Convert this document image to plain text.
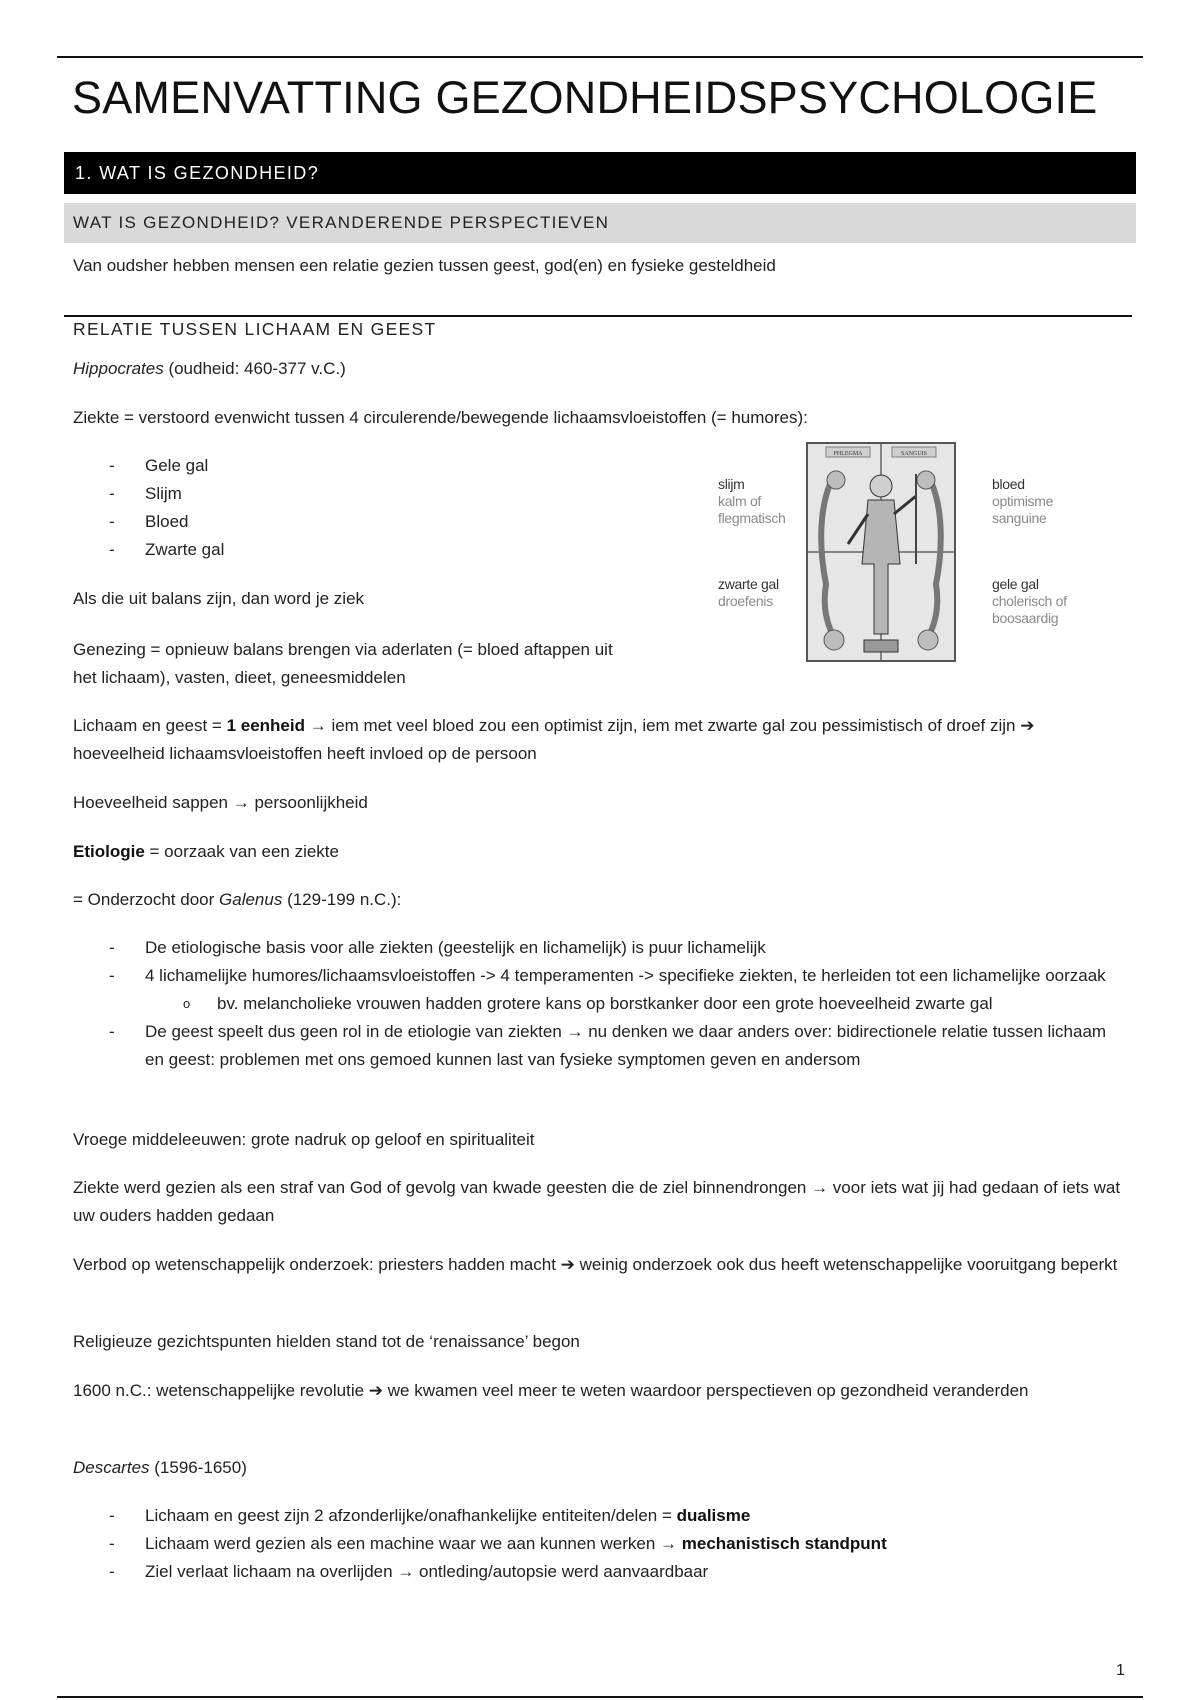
SAMENVATTING GEZONDHEIDSPSYCHOLOGIE
1. WAT IS GEZONDHEID?
WAT IS GEZONDHEID? VERANDERENDE PERSPECTIEVEN

Van oudsher hebben mensen een relatie gezien tussen geest, god(en) en fysieke gesteldheid

RELATIE TUSSEN LICHAAM EN GEEST

Hippocrates (oudheid: 460-377 v.C.)

Ziekte = verstoord evenwicht tussen 4 circulerende/bewegende lichaamsvloeistoffen (= humores):

- Gele gal
- Slijm
- Bloed
- Zwarte gal

Als die uit balans zijn, dan word je ziek

Genezing = opnieuw balans brengen via aderlaten (= bloed aftappen uit

het lichaam), vasten, dieet, geneesmiddelen

slijm
kalm of
flegmatisch
bloed
optimisme
sanguine
zwarte gal
droefenis
gele gal
cholerisch of
boosaardig
PHLEGMA	SANGUIS

Lichaam en geest = 1 eenheid → iem met veel bloed zou een optimist zijn, iem met zwarte gal zou pessimistisch of droef zijn ➔ hoeveelheid lichaamsvloeistoffen heeft invloed op de persoon

Hoeveelheid sappen → persoonlijkheid

Etiologie = oorzaak van een ziekte

= Onderzocht door Galenus (129-199 n.C.):

- De etiologische basis voor alle ziekten (geestelijk en lichamelijk) is puur lichamelijk
- 4 lichamelijke humores/lichaamsvloeistoffen -> 4 temperamenten -> specifieke ziekten, te herleiden tot een lichamelijke oorzaak
o bv. melancholieke vrouwen hadden grotere kans op borstkanker door een grote hoeveelheid zwarte gal
- De geest speelt dus geen rol in de etiologie van ziekten → nu denken we daar anders over: bidirectionele relatie tussen lichaam en geest: problemen met ons gemoed kunnen last van fysieke symptomen geven en andersom

Vroege middeleeuwen: grote nadruk op geloof en spiritualiteit

Ziekte werd gezien als een straf van God of gevolg van kwade geesten die de ziel binnendrongen → voor iets wat jij had gedaan of iets wat uw ouders hadden gedaan

Verbod op wetenschappelijk onderzoek: priesters hadden macht ➔ weinig onderzoek ook dus heeft wetenschappelijke vooruitgang beperkt

Religieuze gezichtspunten hielden stand tot de ‘renaissance’ begon

1600 n.C.: wetenschappelijke revolutie ➔ we kwamen veel meer te weten waardoor perspectieven op gezondheid veranderden

Descartes (1596-1650)

- Lichaam en geest zijn 2 afzonderlijke/onafhankelijke entiteiten/delen = dualisme
- Lichaam werd gezien als een machine waar we aan kunnen werken → mechanistisch standpunt
- Ziel verlaat lichaam na overlijden → ontleding/autopsie werd aanvaardbaar
1
